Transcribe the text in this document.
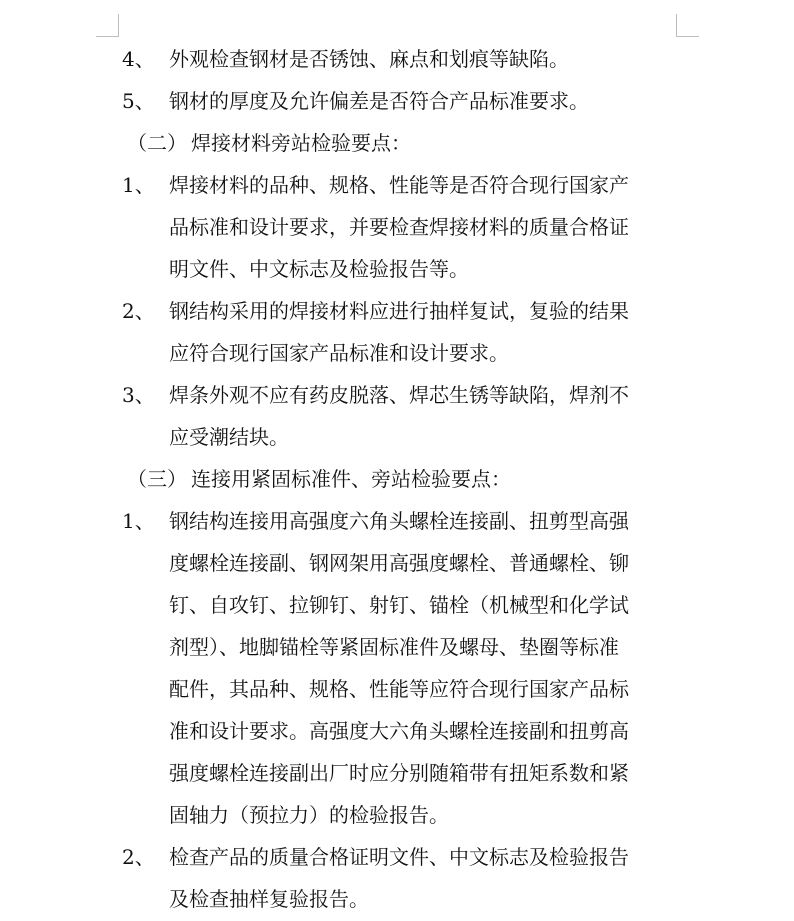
4、 外观检查钢材是否锈蚀、麻点和划痕等缺陷。
5、 钢材的厚度及允许偏差是否符合产品标准要求。
（二） 焊接材料旁站检验要点：
1、 焊接材料的品种、规格、性能等是否符合现行国家产
品标准和设计要求，并要检查焊接材料的质量合格证
明文件、中文标志及检验报告等。
2、 钢结构采用的焊接材料应进行抽样复试，复验的结果
应符合现行国家产品标准和设计要求。
3、 焊条外观不应有药皮脱落、焊芯生锈等缺陷，焊剂不
应受潮结块。
（三） 连接用紧固标准件、旁站检验要点：
1、 钢结构连接用高强度六角头螺栓连接副、扭剪型高强
度螺栓连接副、钢网架用高强度螺栓、普通螺栓、铆
钉、自攻钉、拉铆钉、射钉、锚栓（机械型和化学试
剂型）、地脚锚栓等紧固标准件及螺母、垫圈等标准
配件，其品种、规格、性能等应符合现行国家产品标
准和设计要求。高强度大六角头螺栓连接副和扭剪高
强度螺栓连接副出厂时应分别随箱带有扭矩系数和紧
固轴力（预拉力）的检验报告。
2、 检查产品的质量合格证明文件、中文标志及检验报告
及检查抽样复验报告。
